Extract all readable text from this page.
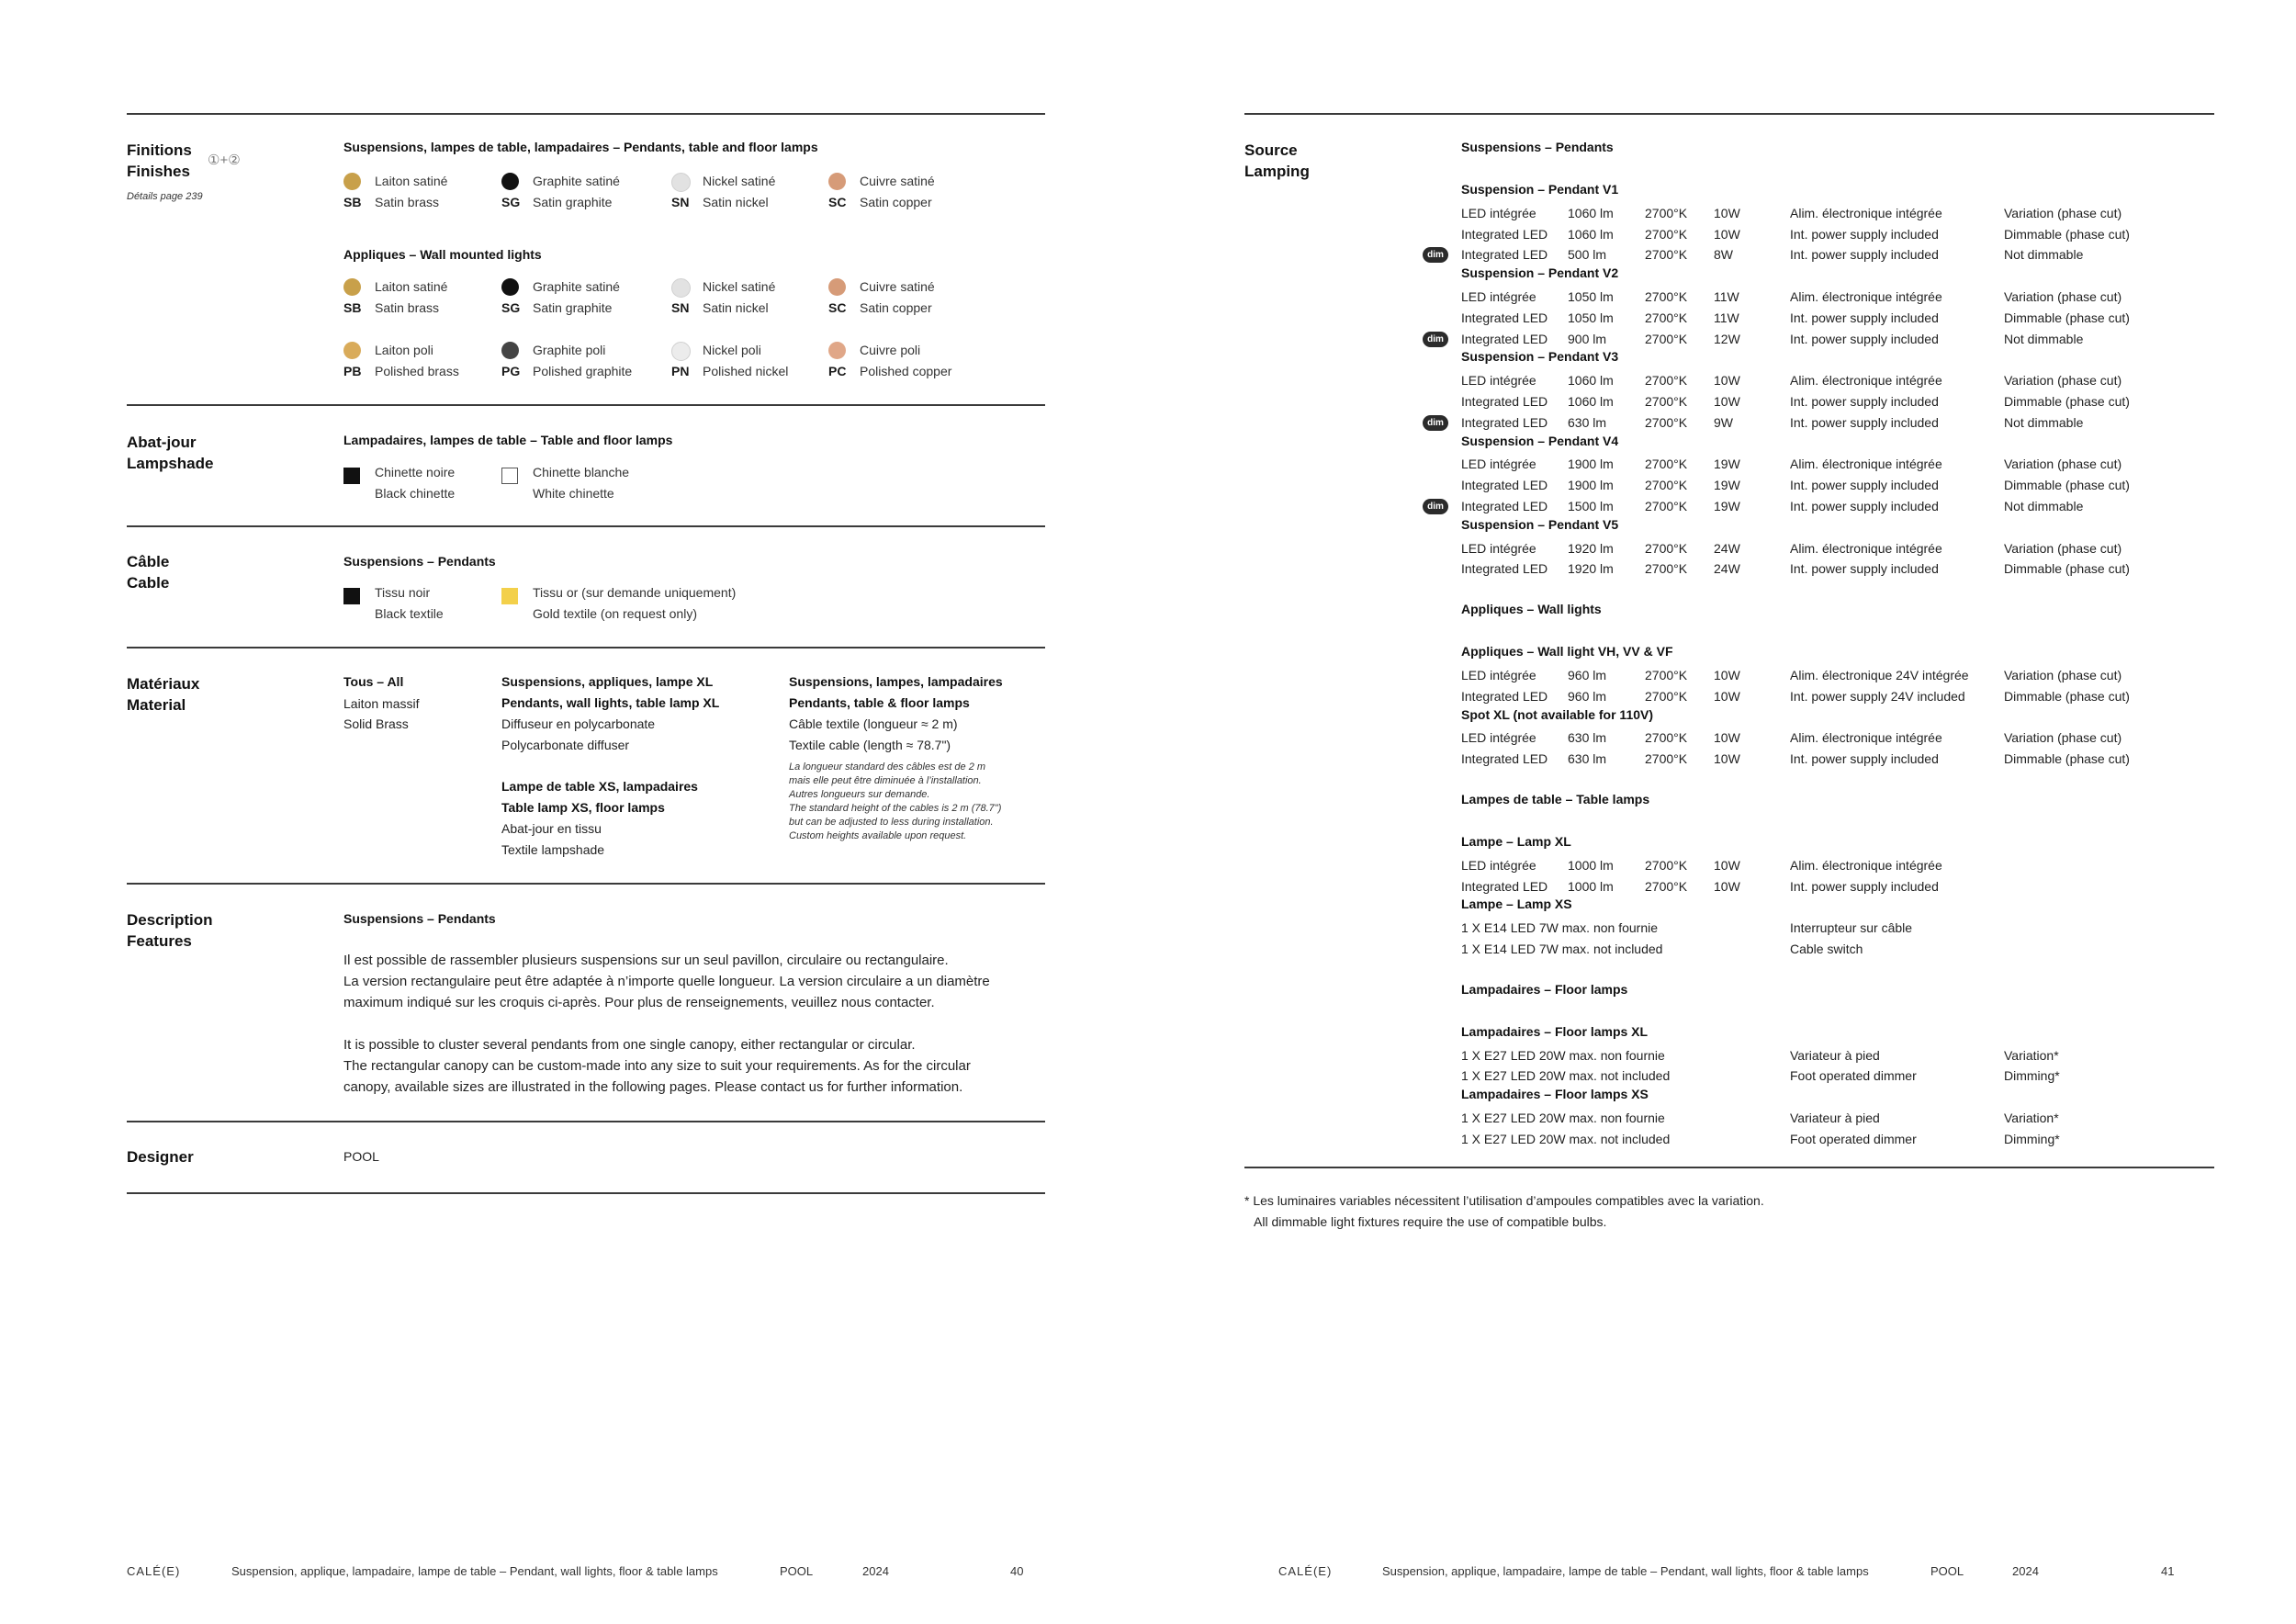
Finitions
Finishes
①+②
Détails page 239
Suspensions, lampes de table, lampadaires – Pendants, table and floor lamps
Laiton satiné
SB Satin brass
Graphite satiné
SG Satin graphite
Nickel satiné
SN Satin nickel
Cuivre satiné
SC Satin copper
Appliques – Wall mounted lights
Laiton satiné
SB Satin brass
Graphite satiné
SG Satin graphite
Nickel satiné
SN Satin nickel
Cuivre satiné
SC Satin copper
Laiton poli
PB Polished brass
Graphite poli
PG Polished graphite
Nickel poli
PN Polished nickel
Cuivre poli
PC Polished copper
Abat-jour
Lampshade
Lampadaires, lampes de table – Table and floor lamps
Chinette noire
Black chinette
Chinette blanche
White chinette
Câble
Cable
Suspensions – Pendants
Tissu noir
Black textile
Tissu or (sur demande uniquement)
Gold textile (on request only)
Matériaux
Material
Tous – All
Laiton massif
Solid Brass
Suspensions, appliques, lampe XL
Pendants, wall lights, table lamp XL
Diffuseur en polycarbonate
Polycarbonate diffuser
Lampe de table XS, lampadaires
Table lamp XS, floor lamps
Abat-jour en tissu
Textile lampshade
Suspensions, lampes, lampadaires
Pendants, table & floor lamps
Câble textile (longueur ≈ 2 m)
Textile cable (length ≈ 78.7")
La longueur standard des câbles est de 2 m
mais elle peut être diminuée à l’installation.
Autres longueurs sur demande.
The standard height of the cables is 2 m (78.7")
but can be adjusted to less during installation.
Custom heights available upon request.
Description
Features
Suspensions – Pendants
Il est possible de rassembler plusieurs suspensions sur un seul pavillon, circulaire ou rectangulaire.
La version rectangulaire peut être adaptée à n’importe quelle longueur. La version circulaire a un diamètre
maximum indiqué sur les croquis ci-après. Pour plus de renseignements, veuillez nous contacter.
It is possible to cluster several pendants from one single canopy, either rectangular or circular.
The rectangular canopy can be custom-made into any size to suit your requirements. As for the circular
canopy, available sizes are illustrated in the following pages. Please contact us for further information.
Designer	POOL
CALÉ(E)	Suspension, applique, lampadaire, lampe de table – Pendant, wall lights, floor & table lamps	POOL	2024	40
Source
Lamping
Suspensions – Pendants
Suspension – Pendant V1
LED intégrée 1060 lm 2700°K 10W	Alim. électronique intégrée	Variation (phase cut)
Integrated LED 1060 lm 2700°K 10W	Int. power supply included	Dimmable (phase cut)
Integrated LED 500 lm	2700°K 8W	Int. power supply included	Not dimmable
dim
Suspension – Pendant V2
LED intégrée 1050 lm 2700°K 11W	Alim. électronique intégrée	Variation (phase cut)
Integrated LED 1050 lm 2700°K 11W	Int. power supply included	Dimmable (phase cut)
Integrated LED 900 lm	2700°K 12W	Int. power supply included	Not dimmable
dim
Suspension – Pendant V3
LED intégrée 1060 lm 2700°K 10W	Alim. électronique intégrée	Variation (phase cut)
Integrated LED 1060 lm 2700°K 10W	Int. power supply included	Dimmable (phase cut)
Integrated LED 630 lm	2700°K 9W	Int. power supply included	Not dimmable
dim
Suspension – Pendant V4
LED intégrée 1900 lm 2700°K 19W	Alim. électronique intégrée	Variation (phase cut)
Integrated LED 1900 lm 2700°K 19W	Int. power supply included	Dimmable (phase cut)
Integrated LED 1500 lm 2700°K 19W	Int. power supply included	Not dimmable
dim
Suspension – Pendant V5
LED intégrée 1920 lm 2700°K 24W	Alim. électronique intégrée	Variation (phase cut)
Integrated LED 1920 lm 2700°K 24W	Int. power supply included	Dimmable (phase cut)
Appliques – Wall lights
Appliques – Wall light VH, VV & VF
LED intégrée 960 lm	2700°K 10W	Alim. électronique 24V intégrée	Variation (phase cut)
Integrated LED 960 lm	2700°K 10W	Int. power supply 24V included	Dimmable (phase cut)
Spot XL (not available for 110V)
LED intégrée 630 lm	2700°K 10W	Alim. électronique intégrée	Variation (phase cut)
Integrated LED 630 lm	2700°K 10W	Int. power supply included	Dimmable (phase cut)
Lampes de table – Table lamps
Lampe – Lamp XL
LED intégrée 1000 lm 2700°K 10W	Alim. électronique intégrée
Integrated LED 1000 lm 2700°K 10W	Int. power supply included
Lampe – Lamp XS
1 X E14 LED 7W max. non fournie	Interrupteur sur câble
1 X E14 LED 7W max. not included	Cable switch
Lampadaires – Floor lamps
Lampadaires – Floor lamps XL
1 X E27 LED 20W max. non fournie	Variateur à pied	Variation*
1 X E27 LED 20W max. not included	Foot operated dimmer	Dimming*
Lampadaires – Floor lamps XS
1 X E27 LED 20W max. non fournie	Variateur à pied	Variation*
1 X E27 LED 20W max. not included	Foot operated dimmer	Dimming*
* Les luminaires variables nécessitent l’utilisation d’ampoules compatibles avec la variation.
All dimmable light fixtures require the use of compatible bulbs.
CALÉ(E)	Suspension, applique, lampadaire, lampe de table – Pendant, wall lights, floor & table lamps	POOL	2024	41
